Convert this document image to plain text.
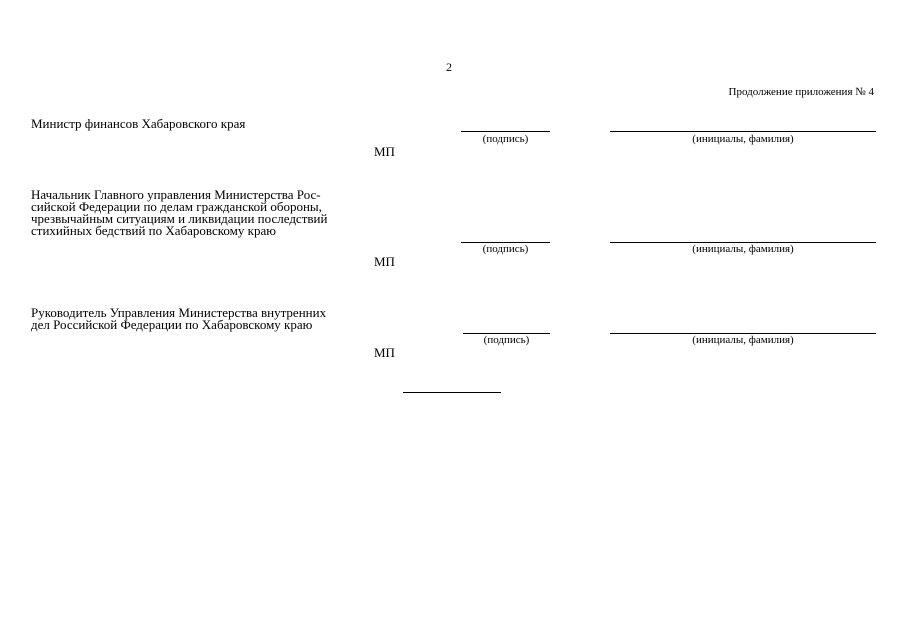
2
Продолжение приложения № 4
Министр финансов Хабаровского края
(подпись)	(инициалы, фамилия)
МП
Начальник Главного управления Министерства Рос-
сийской Федерации по делам гражданской обороны,
чрезвычайным ситуациям и ликвидации последствий
стихийных бедствий по Хабаровскому краю
(подпись)	(инициалы, фамилия)
МП
Руководитель Управления Министерства внутренних
дел Российской Федерации по Хабаровскому краю
(подпись)	(инициалы, фамилия)
МП
